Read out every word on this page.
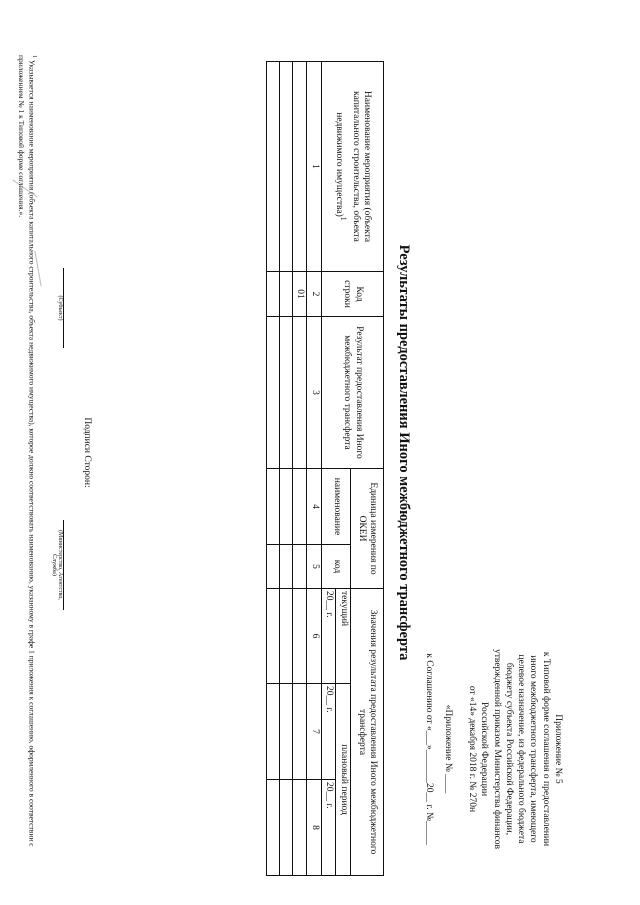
Приложение № 5
к Типовой форме соглашения о предоставлении
иного межбюджетного трансферта, имеющего
целевое назначение, из федерального бюджета
бюджету субъекта Российской Федерации,
утвержденной приказом Министерства финансов
Российской Федерации
от «14» декабря 2018 г. № 270н
«Приложение № ____
к Соглашению от «___»_______20__ г. №_____
Результаты предоставления Иного межбюджетного трансферта
Наименование мероприятия (объекта капитального строительства, объекта недвижимого имущества)$^1$	Код строки	Результат предоставления Иного межбюджетного трансферта	Единица измерения по ОКЕИ		Значения результата предоставления Иного межбюджетного трансферта		
			наименование	код	текущий	плановый период	
					20__ г.	20__ г.	20__ г.
1	2	3	4	5	6	7	8
	01						

Подписи Сторон:
(Субъект)
(Министерство, Агентство, Служба)
$^1$ Указывается наименование мероприятия (объекта капитального строительства, объекта недвижимого имущества), которое должно соответствовать наименованию, указанному в графе 1 приложения к соглашению, оформленного в соответствии с приложением № 1 к Типовой форме соглашения.».
